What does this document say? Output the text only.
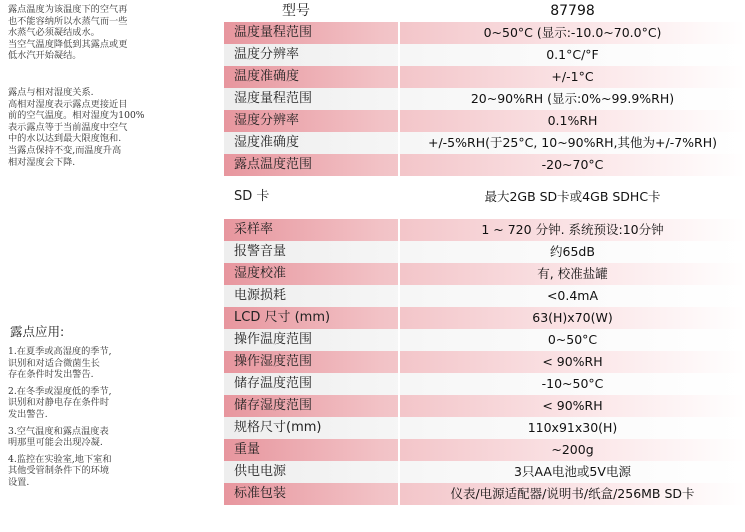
露点温度为该温度下的空气再
也不能容纳所以水蒸气而一些
水蒸气必须凝结成水。
当空气温度降低到其露点或更
低水汽开始凝结。

露点与相对湿度关系.
高相对湿度表示露点更接近目
前的空气温度。相对湿度为100%
表示露点等于当前温度中空气
中的水以达到最大限度饱和.
当露点保持不变,而温度升高
相对湿度会下降.

露点应用:

1.在夏季或高湿度的季节,
识别和对适合微菌生长
存在条件时发出警告.

2.在冬季或湿度低的季节,
识别和对静电存在条件时
发出警告.

3.空气温度和露点温度表
明那里可能会出现冷凝.

4.监控在实验室,地下室和
其他受管制条件下的环境
设置.

型号	87798
温度量程范围	0~50°C (显示:-10.0~70.0°C)
温度分辨率	0.1°C/°F
温度准确度	+/-1°C
湿度量程范围	20~90%RH (显示:0%~99.9%RH)
湿度分辨率	0.1%RH
湿度准确度	+/-5%RH(于25°C, 10~90%RH,其他为+/-7%RH)
露点温度范围	-20~70°C
SD 卡	最大2GB SD卡或4GB SDHC卡
采样率	1 ~ 720 分钟. 系统预设:10分钟
报警音量	约65dB
湿度校准	有, 校准盐罐
电源损耗	<0.4mA
LCD 尺寸 (mm)	63(H)x70(W)
操作温度范围	0~50°C
操作湿度范围	< 90%RH
储存温度范围	-10~50°C
储存湿度范围	< 90%RH
规格尺寸(mm)	110x91x30(H)
重量	~200g
供电电源	3只AA电池或5V电源
标准包装	仪表/电源适配器/说明书/纸盒/256MB SD卡
